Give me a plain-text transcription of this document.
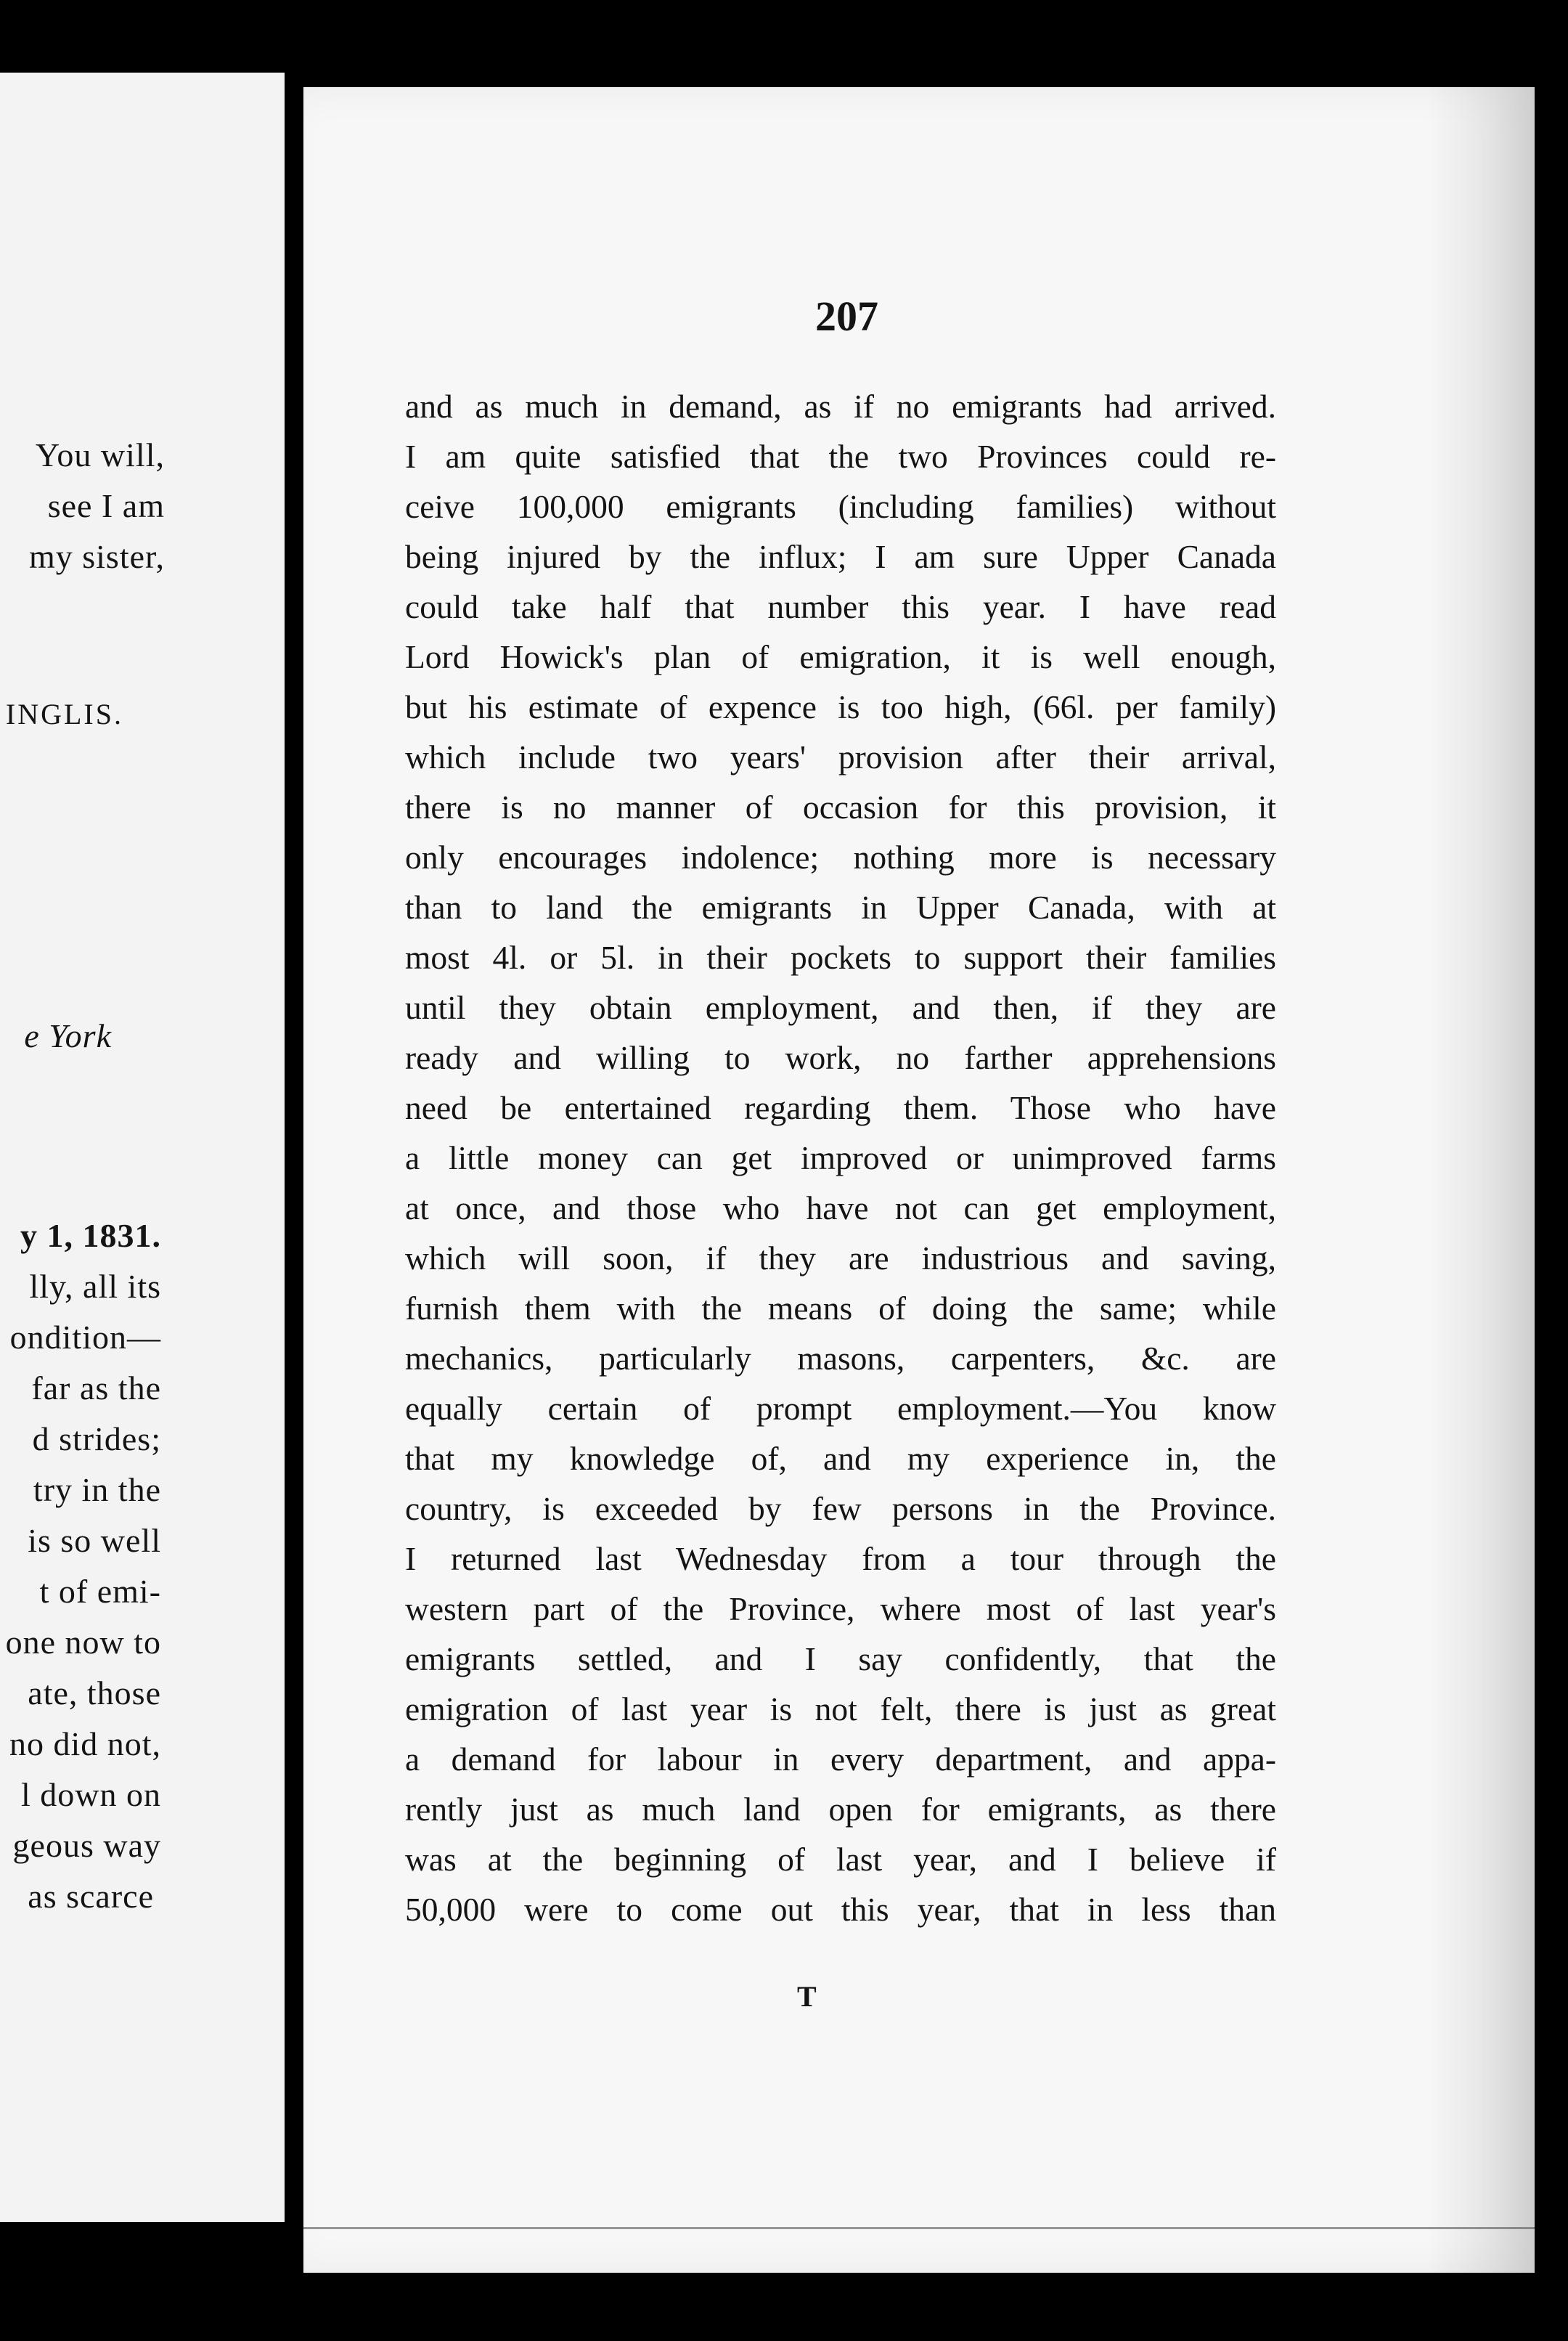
You will,
see I am
my sister,
INGLIS.
e York
y 1, 1831.
lly, all its
ondition—
far as the
d strides;
try in the
is so well
t of emi-
one now to
ate, those
no did not,
l down on
geous way
as scarce
207
and as much in demand, as if no emigrants had arrived.
I am quite satisfied that the two Provinces could re-
ceive 100,000 emigrants (including families) without
being injured by the influx; I am sure Upper Canada
could take half that number this year. I have read
Lord Howick's plan of emigration, it is well enough,
but his estimate of expence is too high, (66l. per family)
which include two years' provision after their arrival,
there is no manner of occasion for this provision, it
only encourages indolence; nothing more is necessary
than to land the emigrants in Upper Canada, with at
most 4l. or 5l. in their pockets to support their families
until they obtain employment, and then, if they are
ready and willing to work, no farther apprehensions
need be entertained regarding them. Those who have
a little money can get improved or unimproved farms
at once, and those who have not can get employment,
which will soon, if they are industrious and saving,
furnish them with the means of doing the same; while
mechanics, particularly masons, carpenters, &c. are
equally certain of prompt employment.—You know
that my knowledge of, and my experience in, the
country, is exceeded by few persons in the Province.
I returned last Wednesday from a tour through the
western part of the Province, where most of last year's
emigrants settled, and I say confidently, that the
emigration of last year is not felt, there is just as great
a demand for labour in every department, and appa-
rently just as much land open for emigrants, as there
was at the beginning of last year, and I believe if
50,000 were to come out this year, that in less than
T
